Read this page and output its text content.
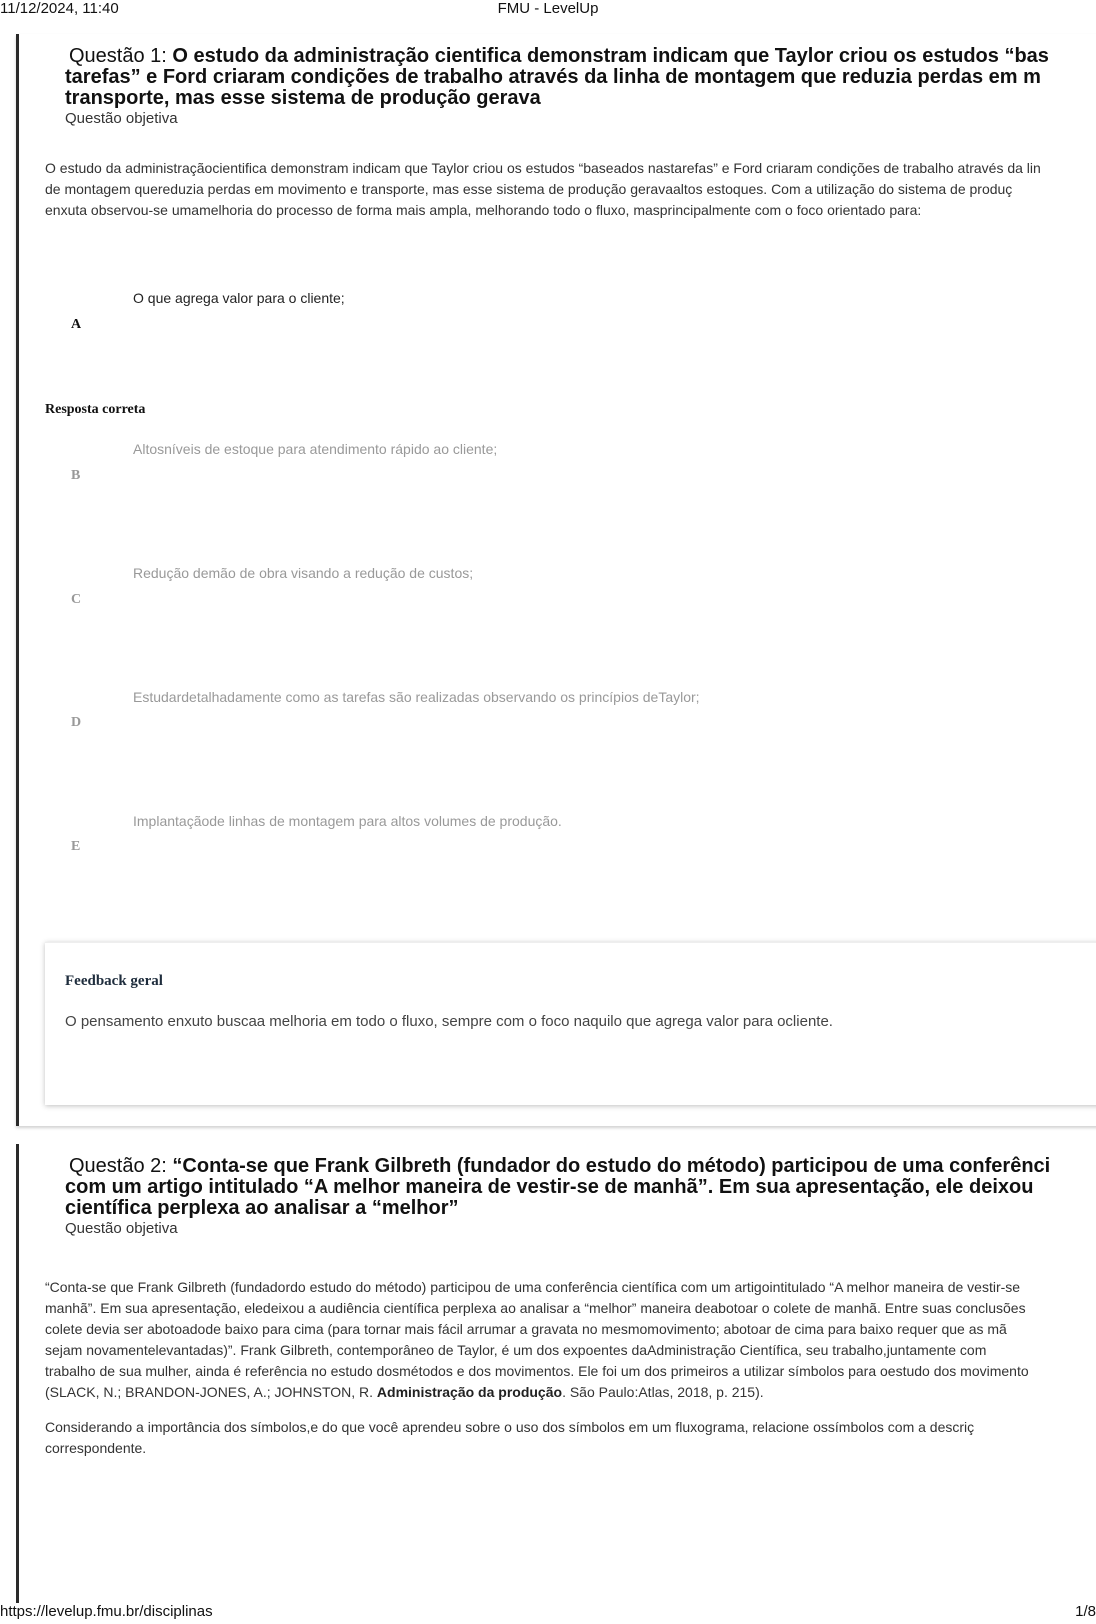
11/12/2024, 11:40	FMU - LevelUp
Questão 1: O estudo da administração cientifica demonstram indicam que Taylor criou os estudos “bas
tarefas” e Ford criaram condições de trabalho através da linha de montagem que reduzia perdas em m
transporte, mas esse sistema de produção gerava
Questão objetiva
O estudo da administraçãocientifica demonstram indicam que Taylor criou os estudos “baseados nastarefas” e Ford criaram condições de trabalho através da lin
de montagem quereduzia perdas em movimento e transporte, mas esse sistema de produção geravaaltos estoques. Com a utilização do sistema de produç
enxuta observou-se umamelhoria do processo de forma mais ampla, melhorando todo o fluxo, masprincipalmente com o foco orientado para:
O que agrega valor para o cliente;
A
Resposta correta
Altosníveis de estoque para atendimento rápido ao cliente;
B
Redução demão de obra visando a redução de custos;
C
Estudardetalhadamente como as tarefas são realizadas observando os princípios deTaylor;
D
Implantaçãode linhas de montagem para altos volumes de produção.
E
Feedback geral
O pensamento enxuto buscaa melhoria em todo o fluxo, sempre com o foco naquilo que agrega valor para ocliente.
Questão 2: “Conta-se que Frank Gilbreth (fundador do estudo do método) participou de uma conferênci
com um artigo intitulado “A melhor maneira de vestir-se de manhã”. Em sua apresentação, ele deixou
científica perplexa ao analisar a “melhor”
Questão objetiva
“Conta-se que Frank Gilbreth (fundadordo estudo do método) participou de uma conferência científica com um artigointitulado “A melhor maneira de vestir-se
manhã”. Em sua apresentação, eledeixou a audiência científica perplexa ao analisar a “melhor” maneira deabotoar o colete de manhã. Entre suas conclusões
colete devia ser abotoadode baixo para cima (para tornar mais fácil arrumar a gravata no mesmomovimento; abotoar de cima para baixo requer que as mã
sejam novamentelevantadas)”. Frank Gilbreth, contemporâneo de Taylor, é um dos expoentes daAdministração Científica, seu trabalho,juntamente com
trabalho de sua mulher, ainda é referência no estudo dosmétodos e dos movimentos. Ele foi um dos primeiros a utilizar símbolos para oestudo dos movimento
(SLACK, N.; BRANDON-JONES, A.; JOHNSTON, R. Administração da produção. São Paulo:Atlas, 2018, p. 215).
Considerando a importância dos símbolos,e do que você aprendeu sobre o uso dos símbolos em um fluxograma, relacione ossímbolos com a descriç
correspondente.
https://levelup.fmu.br/disciplinas	1/8
